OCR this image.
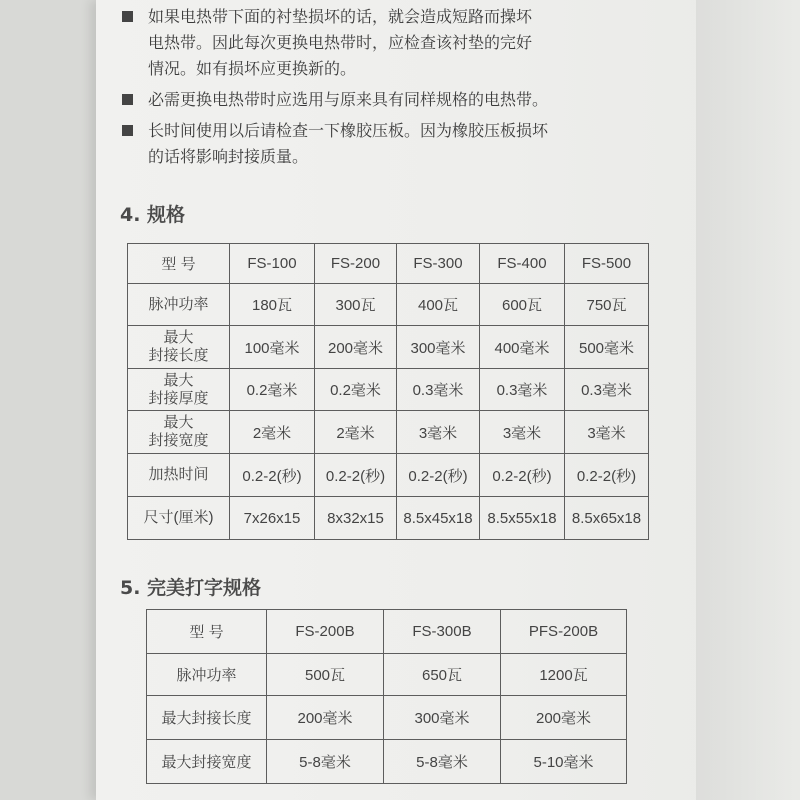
如果电热带下面的衬垫损坏的话，就会造成短路而操坏
电热带。因此每次更换电热带时，应检查该衬垫的完好
情况。如有损坏应更换新的。
必需更换电热带时应选用与原来具有同样规格的电热带。
长时间使用以后请检查一下橡胶压板。因为橡胶压板损坏
的话将影响封接质量。
4. 规格
型 号	FS-100	FS-200	FS-300	FS-400	FS-500

脉冲功率	180瓦	300瓦	400瓦	600瓦	750瓦

最大
封接长度	100毫米	200毫米	300毫米	400毫米	500毫米

最大
封接厚度	0.2毫米	0.2毫米	0.3毫米	0.3毫米	0.3毫米

最大
封接宽度	2毫米	2毫米	3毫米	3毫米	3毫米

加热时间	0.2-2(秒)	0.2-2(秒)	0.2-2(秒)	0.2-2(秒)	0.2-2(秒)

尺寸(厘米)	7x26x15	8x32x15	8.5x45x18	8.5x55x18	8.5x65x18
5. 完美打字规格
型 号	FS-200B	FS-300B	PFS-200B
脉冲功率	500瓦	650瓦	1200瓦
最大封接长度	200毫米	300毫米	200毫米
最大封接宽度	5-8毫米	5-8毫米	5-10毫米
